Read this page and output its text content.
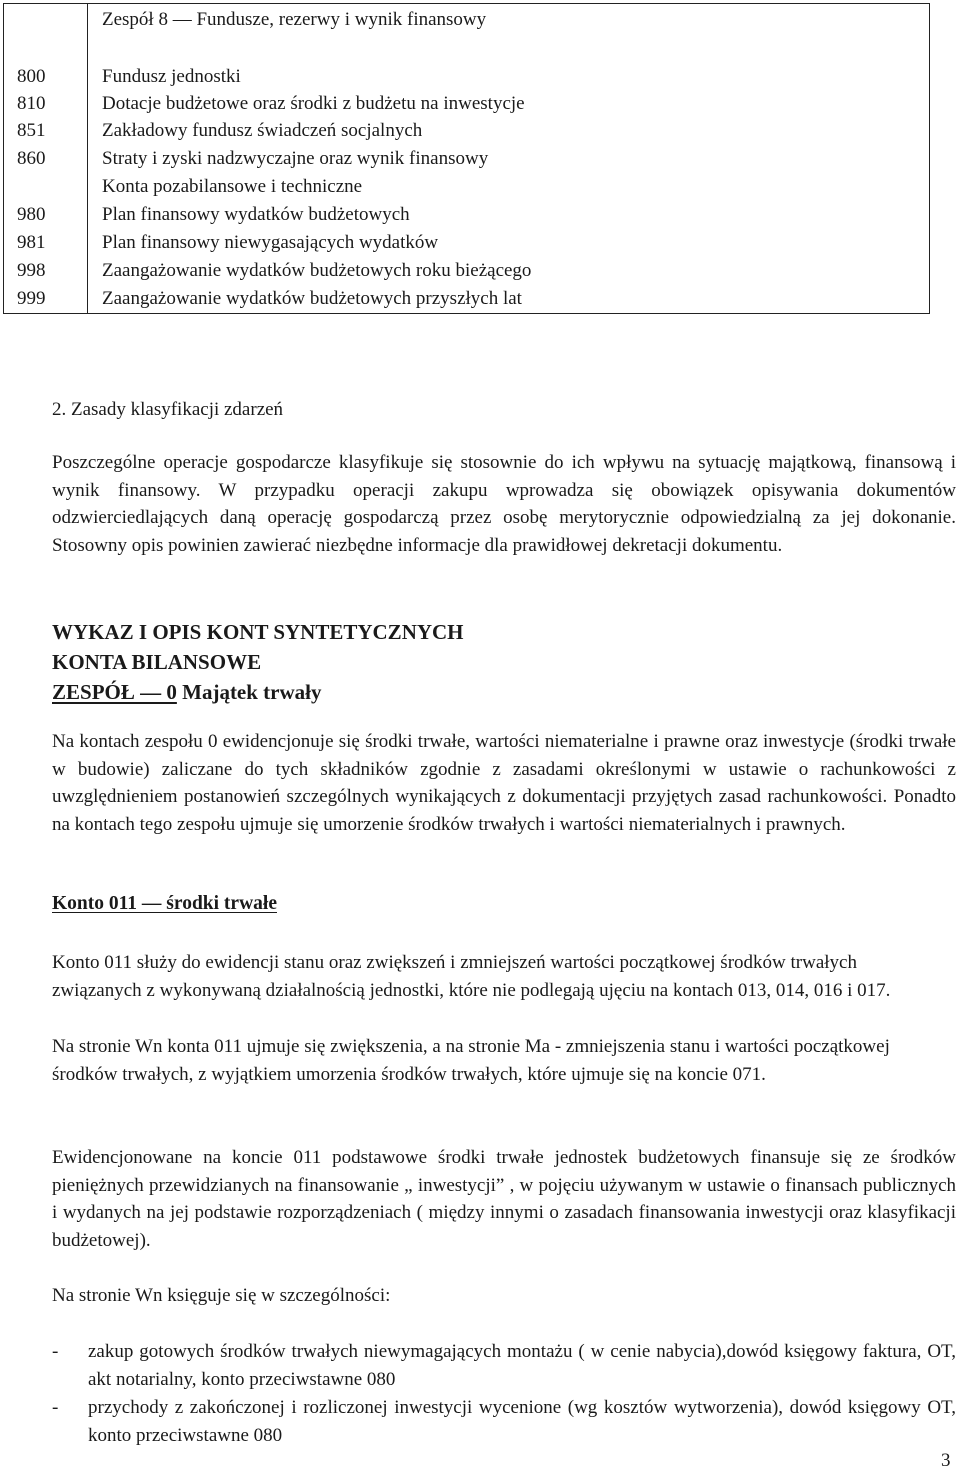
800
810
851
860
980
981
998
999
Zespół 8 — Fundusze, rezerwy i wynik finansowy
Fundusz jednostki
Dotacje budżetowe oraz środki z budżetu na inwestycje
Zakładowy fundusz świadczeń socjalnych
Straty i zyski nadzwyczajne oraz wynik finansowy
Konta pozabilansowe i techniczne
Plan finansowy wydatków budżetowych
Plan finansowy niewygasających wydatków
Zaangażowanie wydatków budżetowych roku bieżącego
Zaangażowanie wydatków budżetowych przyszłych lat
2. Zasady klasyfikacji zdarzeń
Poszczególne operacje gospodarcze klasyfikuje się stosownie do ich wpływu na sytuację majątkową, finansową i wynik finansowy. W przypadku operacji zakupu wprowadza się obowiązek opisywania dokumentów odzwierciedlających daną operację gospodarczą przez osobę merytorycznie odpowiedzialną za jej dokonanie. Stosowny opis powinien zawierać niezbędne informacje dla prawidłowej dekretacji dokumentu.
WYKAZ I OPIS KONT SYNTETYCZNYCH
KONTA BILANSOWE
ZESPÓŁ — 0 Majątek trwały
Na kontach zespołu 0 ewidencjonuje się środki trwałe, wartości niematerialne i prawne oraz inwestycje (środki trwałe w budowie) zaliczane do tych składników zgodnie z zasadami określonymi w ustawie o rachunkowości z uwzględnieniem postanowień szczególnych wynikających z dokumentacji przyjętych zasad rachunkowości. Ponadto na kontach tego zespołu ujmuje się umorzenie środków trwałych i wartości niematerialnych i prawnych.
Konto 011 — środki trwałe
Konto 011 służy do ewidencji stanu oraz zwiększeń i zmniejszeń wartości początkowej środków trwałych związanych z wykonywaną działalnością jednostki, które nie podlegają ujęciu na kontach 013, 014, 016 i 017.
Na stronie Wn konta 011 ujmuje się zwiększenia, a na stronie Ma - zmniejszenia stanu i wartości początkowej środków trwałych, z wyjątkiem umorzenia środków trwałych, które ujmuje się na koncie 071.
Ewidencjonowane na koncie 011 podstawowe środki trwałe jednostek budżetowych finansuje się ze środków pieniężnych przewidzianych na finansowanie „ inwestycji” , w pojęciu używanym w ustawie o finansach publicznych i wydanych na jej podstawie rozporządzeniach ( między innymi o zasadach finansowania inwestycji oraz klasyfikacji budżetowej).
Na stronie Wn księguje się w szczególności:
-	zakup gotowych środków trwałych niewymagających montażu ( w cenie nabycia),dowód księgowy faktura, OT, akt notarialny, konto przeciwstawne 080
-	przychody z zakończonej i rozliczonej inwestycji wycenione (wg kosztów wytworzenia), dowód księgowy OT, konto przeciwstawne 080
3
